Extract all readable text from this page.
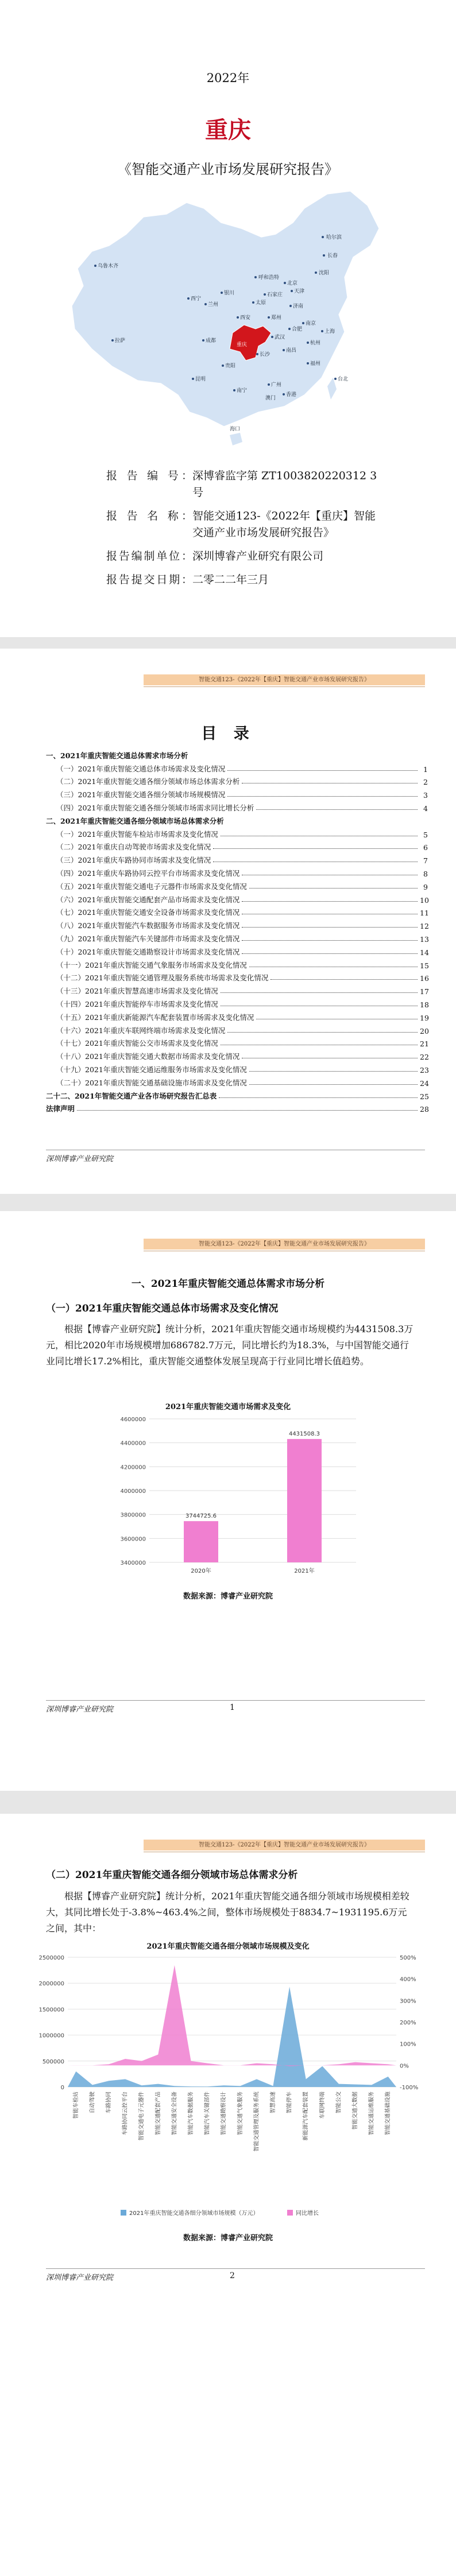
2022年
重庆
《智能交通产业市场发展研究报告》
哈尔滨
长春
沈阳
呼和浩特
北京
天津
石家庄
太原
济南
银川
兰州
西宁
西安	郑州
南京
合肥	上海
武汉
杭州
成都
重庆
长沙
南昌
福州
贵阳
昆明
南宁
广州
台北
香港
澳门
海口
乌鲁木齐
拉萨
报 告 编 号： 深博睿监字第 ZT1003820220312 3号
报 告 名 称： 智能交通123-《2022年【重庆】智能交通产业市场发展研究报告》
报告编制单位： 深圳博睿产业研究有限公司
报告提交日期： 二零二二年三月
智能交通123-《2022年【重庆】智能交通产业市场发展研究报告》
目 录
一、2021年重庆智能交通总体需求市场分析
（一）2021年重庆智能交通总体市场需求及变化情况	1
（二）2021年重庆智能交通各细分领域市场总体需求分析	2
（三）2021年重庆智能交通各细分领域市场规模情况	3
（四）2021年重庆智能交通各细分领域市场需求同比增长分析	4
二、2021年重庆智能交通各细分领域市场总体需求分析
（一）2021年重庆智能车检站市场需求及变化情况	5
（二）2021年重庆自动驾驶市场需求及变化情况	6
（三）2021年重庆车路协同市场需求及变化情况	7
（四）2021年重庆车路协同云控平台市场需求及变化情况	8
（五）2021年重庆智能交通电子元器件市场需求及变化情况	9
（六）2021年重庆智能交通配套产品市场需求及变化情况	10
（七）2021年重庆智能交通安全设备市场需求及变化情况	11
（八）2021年重庆智能汽车数据服务市场需求及变化情况	12
（九）2021年重庆智能汽车关键部件市场需求及变化情况	13
（十）2021年重庆智能交通勘察设计市场需求及变化情况	14
（十一）2021年重庆智能交通气象服务市场需求及变化情况	15
（十二）2021年重庆智能交通管理及服务系统市场需求及变化情况	16
（十三）2021年重庆智慧高速市场需求及变化情况	17
（十四）2021年重庆智能停车市场需求及变化情况	18
（十五）2021年重庆新能源汽车配套装置市场需求及变化情况	19
（十六）2021年重庆车联网终端市场需求及变化情况	20
（十七）2021年重庆智能公交市场需求及变化情况	21
（十八）2021年重庆智能交通大数据市场需求及变化情况	22
（十九）2021年重庆智能交通运维服务市场需求及变化情况	23
（二十）2021年重庆智能交通基础设施市场需求及变化情况	24
二十二、2021年智能交通产业各市场研究报告汇总表	25
法律声明	28
深圳博睿产业研究院
智能交通123-《2022年【重庆】智能交通产业市场发展研究报告》
一、2021年重庆智能交通总体需求市场分析
（一）2021年重庆智能交通总体市场需求及变化情况
根据【博睿产业研究院】统计分析，2021年重庆智能交通市场规模约为4431508.3万元，相比2020年市场规模增加686782.7万元，同比增长约为18.3%，与中国智能交通行业同比增长17.2%相比，重庆智能交通整体发展呈现高于行业同比增长值趋势。
2021年重庆智能交通市场需求及变化
3400000
3600000
3800000
4000000
4200000
4400000
4600000
3744725.6
2020年
4431508.3
2021年
数据来源：博睿产业研究院
深圳博睿产业研究院	1
智能交通123-《2022年【重庆】智能交通产业市场发展研究报告》
（二）2021年重庆智能交通各细分领域市场总体需求分析
根据【博睿产业研究院】统计分析，2021年重庆智能交通各细分领域市场规模相差较大，其同比增长处于-3.8%~463.4%之间，整体市场规模处于8834.7~1931195.6万元之间，其中：
2021年重庆智能交通各细分领域市场规模及变化
0
500000
1000000
1500000
2000000
2500000
-100%
0%
100%
200%
300%
400%
500%
智能车检站 自动驾驶 车路协同 车路协同云控平台 智能交通电子元器件 智能交通配套产品 智能交通安全设备 智能汽车数据服务 智能汽车关键部件 智能交通勘察设计 智能交通气象服务 智能交通管理及服务系统 智慧高速 智能停车 新能源汽车配套装置 车联网终端 智能公交 智能交通大数据 智能交通运维服务 智能交通基础设施
2021年重庆智能交通各细分领域市场规模（万元）	同比增长
数据来源：博睿产业研究院
深圳博睿产业研究院	2
